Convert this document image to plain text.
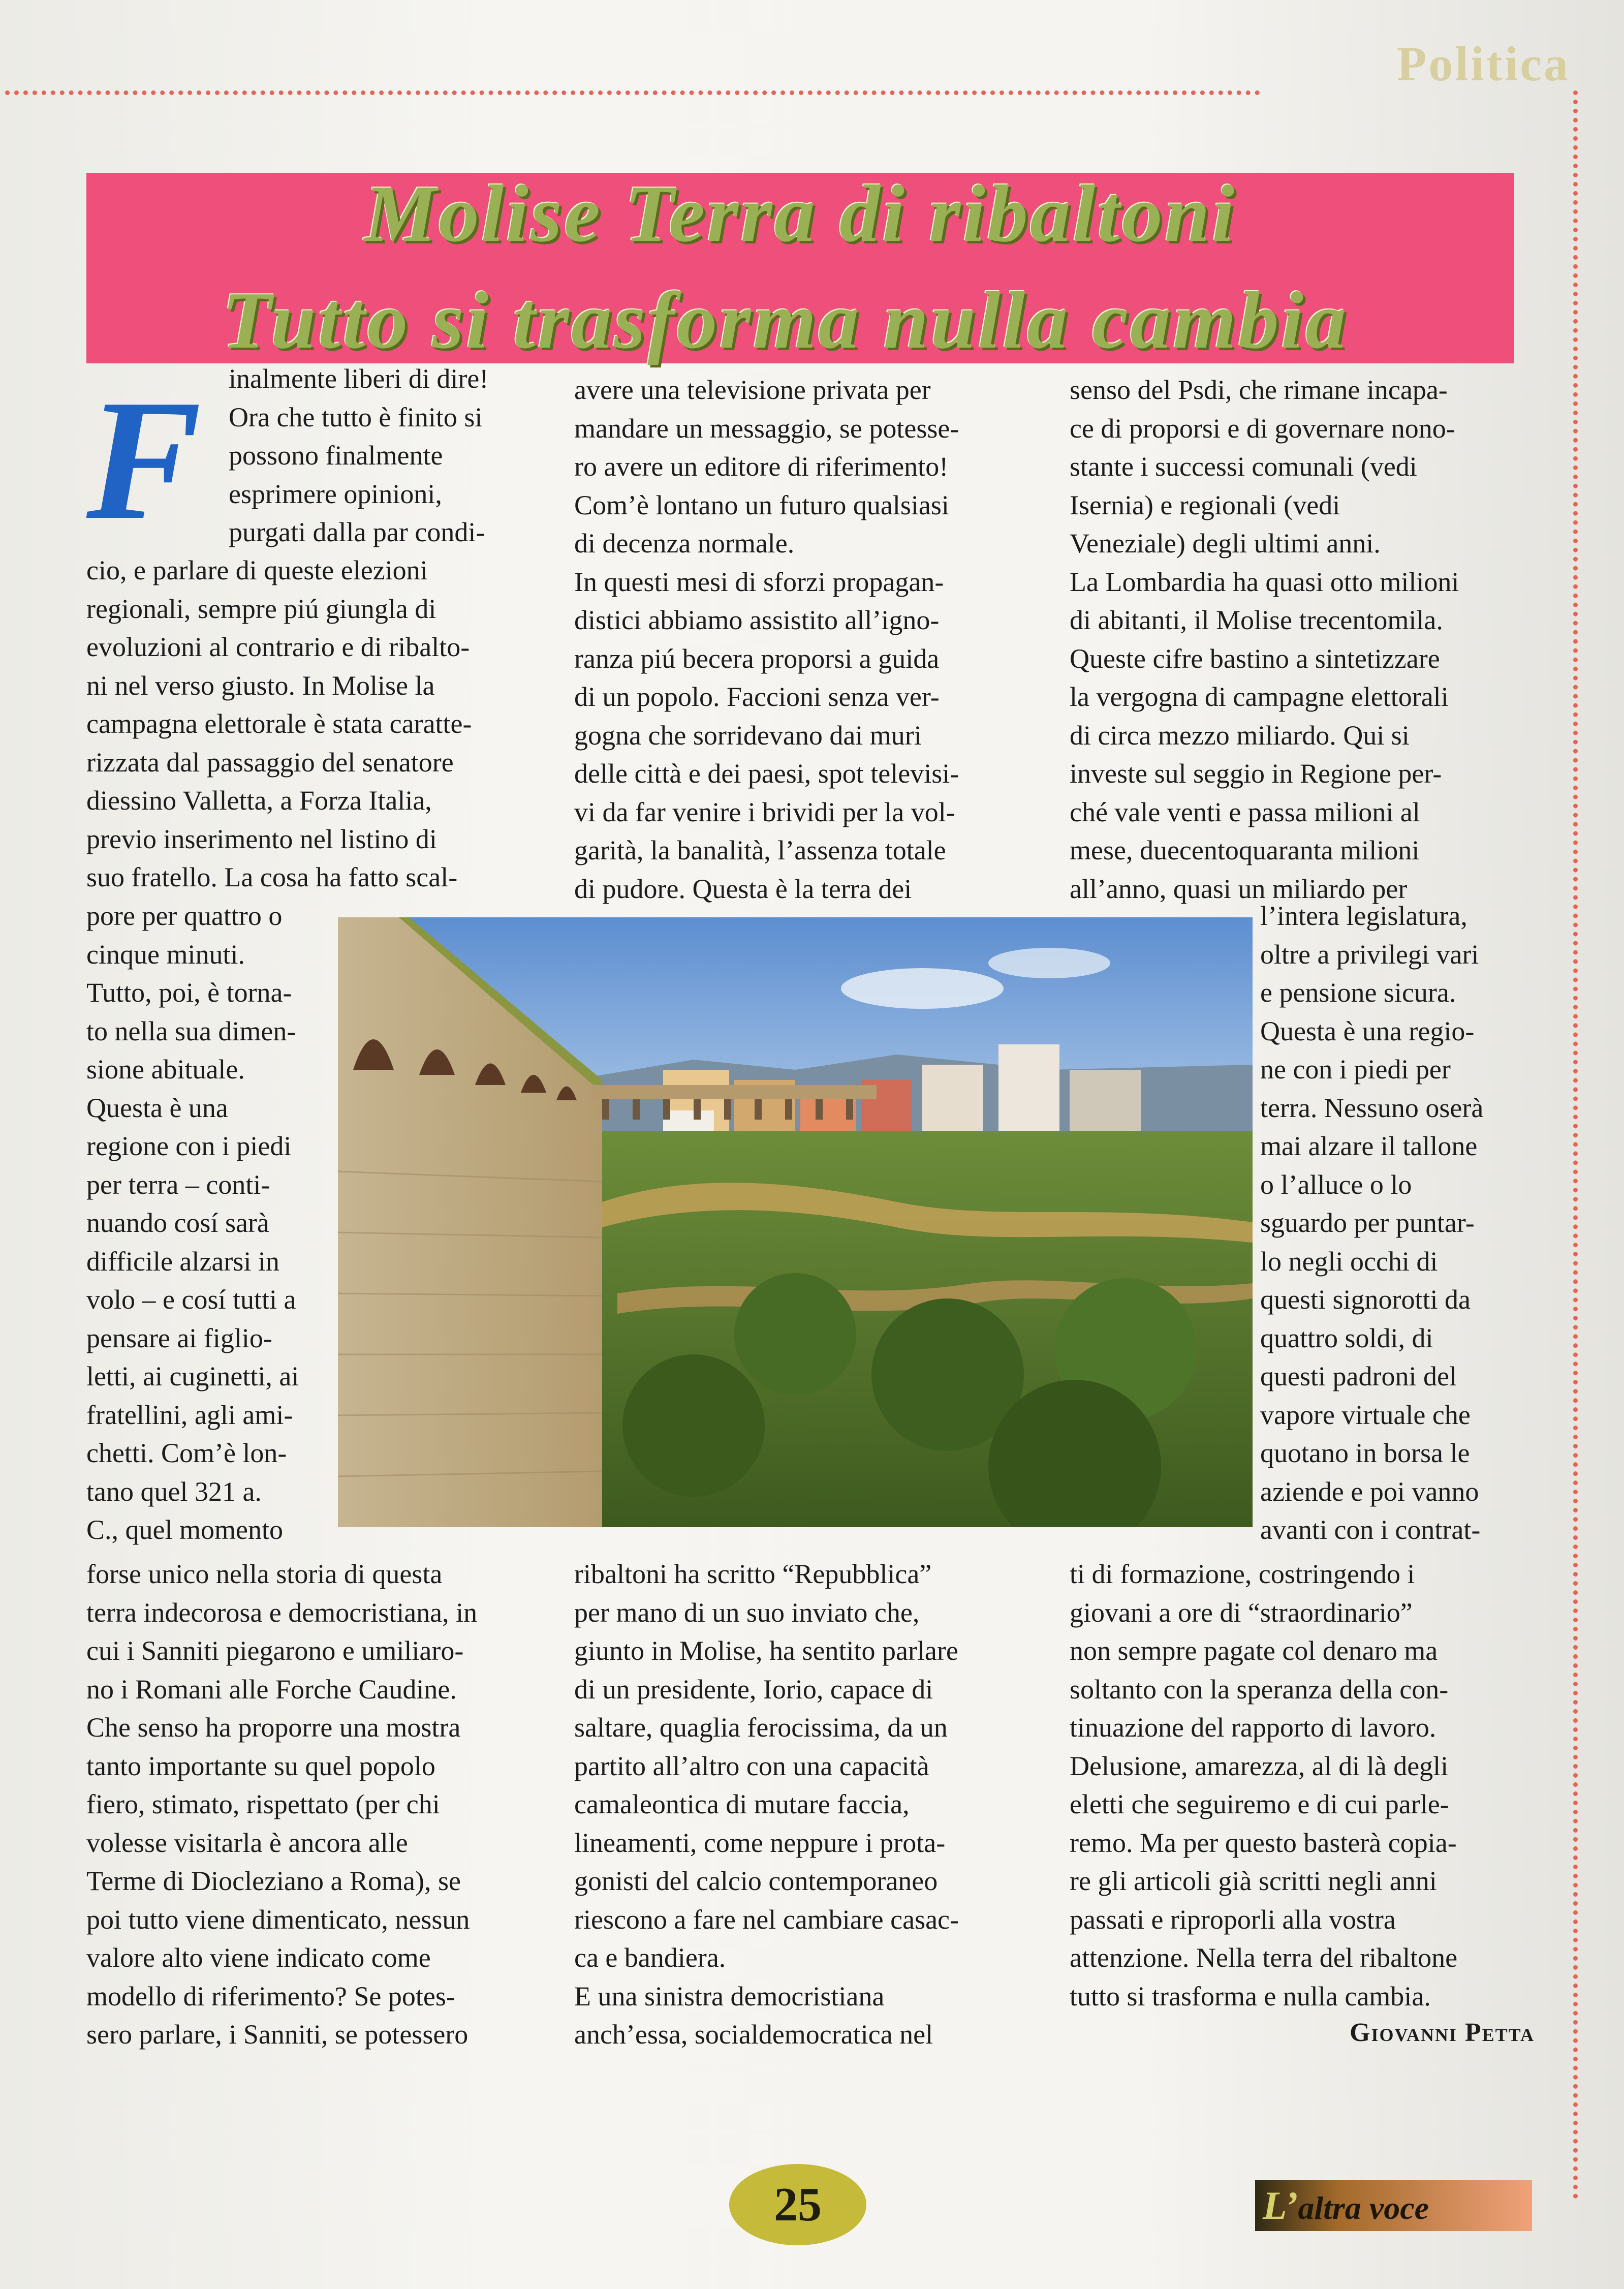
Politica
Molise Terra di ribaltoni
Tutto si trasforma nulla cambia
F inalmente liberi di dire!

Ora che tutto è finito si

possono finalmente

esprimere opinioni,

purgati dalla par condi-

cio, e parlare di queste elezioni

regionali, sempre piú giungla di

evoluzioni al contrario e di ribalto-

ni nel verso giusto. In Molise la

campagna elettorale è stata caratte-

rizzata dal passaggio del senatore

diessino Valletta, a Forza Italia,

previo inserimento nel listino di

suo fratello. La cosa ha fatto scal-

pore per quattro o

cinque minuti.

Tutto, poi, è torna-

to nella sua dimen-

sione abituale.

Questa è una

regione con i piedi

per terra – conti-

nuando cosí sarà

difficile alzarsi in

volo – e cosí tutti a

pensare ai figlio-

letti, ai cuginetti, ai

fratellini, agli ami-

chetti. Com’è lon-

tano quel 321 a.

C., quel momento

forse unico nella storia di questa

terra indecorosa e democristiana, in

cui i Sanniti piegarono e umiliaro-

no i Romani alle Forche Caudine.

Che senso ha proporre una mostra

tanto importante su quel popolo

fiero, stimato, rispettato (per chi

volesse visitarla è ancora alle

Terme di Diocleziano a Roma), se

poi tutto viene dimenticato, nessun

valore alto viene indicato come

modello di riferimento? Se potes-

sero parlare, i Sanniti, se potessero

avere una televisione privata per

mandare un messaggio, se potesse-

ro avere un editore di riferimento!

Com’è lontano un futuro qualsiasi

di decenza normale.

In questi mesi di sforzi propagan-

distici abbiamo assistito all’igno-

ranza piú becera proporsi a guida

di un popolo. Faccioni senza ver-

gogna che sorridevano dai muri

delle città e dei paesi, spot televisi-

vi da far venire i brividi per la vol-

garità, la banalità, l’assenza totale

di pudore. Questa è la terra dei

ribaltoni ha scritto “Repubblica”

per mano di un suo inviato che,

giunto in Molise, ha sentito parlare

di un presidente, Iorio, capace di

saltare, quaglia ferocissima, da un

partito all’altro con una capacità

camaleontica di mutare faccia,

lineamenti, come neppure i prota-

gonisti del calcio contemporaneo

riescono a fare nel cambiare casac-

ca e bandiera.

E una sinistra democristiana

anch’essa, socialdemocratica nel

senso del Psdi, che rimane incapa-

ce di proporsi e di governare nono-

stante i successi comunali (vedi

Isernia) e regionali (vedi

Veneziale) degli ultimi anni.

La Lombardia ha quasi otto milioni

di abitanti, il Molise trecentomila.

Queste cifre bastino a sintetizzare

la vergogna di campagne elettorali

di circa mezzo miliardo. Qui si

investe sul seggio in Regione per-

ché vale venti e passa milioni al

mese, duecentoquaranta milioni

all’anno, quasi un miliardo per

l’intera legislatura,

oltre a privilegi vari

e pensione sicura.

Questa è una regio-

ne con i piedi per

terra. Nessuno oserà

mai alzare il tallone

o l’alluce o lo

sguardo per puntar-

lo negli occhi di

questi signorotti da

quattro soldi, di

questi padroni del

vapore virtuale che

quotano in borsa le

aziende e poi vanno

avanti con i contrat-

ti di formazione, costringendo i

giovani a ore di “straordinario”

non sempre pagate col denaro ma

soltanto con la speranza della con-

tinuazione del rapporto di lavoro.

Delusione, amarezza, al di là degli

eletti che seguiremo e di cui parle-

remo. Ma per questo basterà copia-

re gli articoli già scritti negli anni

passati e riproporli alla vostra

attenzione. Nella terra del ribaltone

tutto si trasforma e nulla cambia.

Giovanni Petta
25	L’altra voce
